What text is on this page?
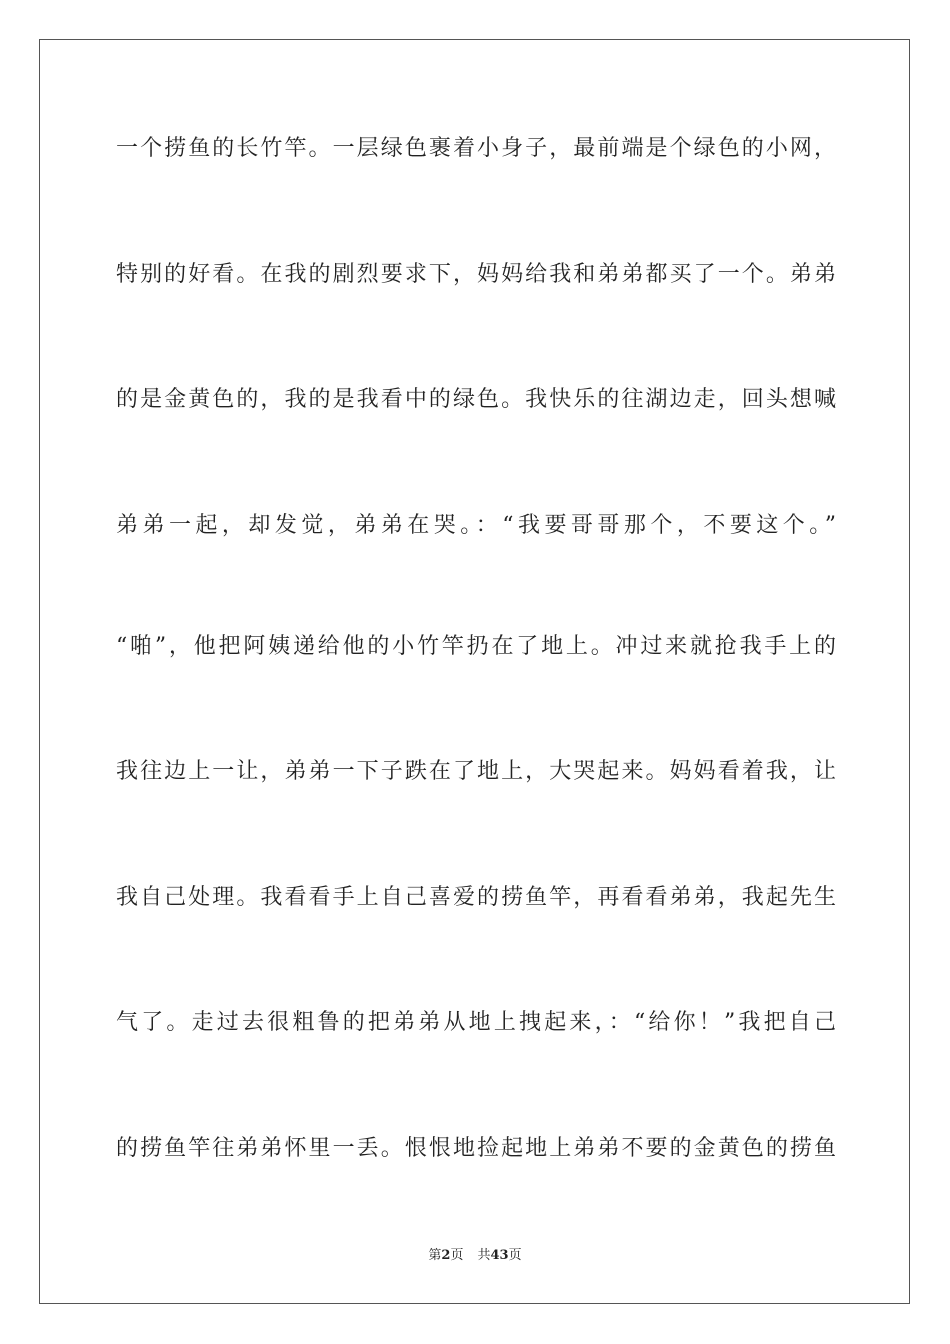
一个捞鱼的长竹竿。一层绿色裹着小身子，最前端是个绿色的小网，
特别的好看。在我的剧烈要求下，妈妈给我和弟弟都买了一个。弟弟
的是金黄色的，我的是我看中的绿色。我快乐的往湖边走，回头想喊
弟弟一起，却发觉，弟弟在哭。：“我要哥哥那个，不要这个。”
“啪”，他把阿姨递给他的小竹竿扔在了地上。冲过来就抢我手上的
我往边上一让，弟弟一下子跌在了地上，大哭起来。妈妈看着我，让
我自己处理。我看看手上自己喜爱的捞鱼竿，再看看弟弟，我起先生
气了。走过去很粗鲁的把弟弟从地上拽起来，：“给你！”我把自己
的捞鱼竿往弟弟怀里一丢。恨恨地捡起地上弟弟不要的金黄色的捞鱼
第2页 共43页
